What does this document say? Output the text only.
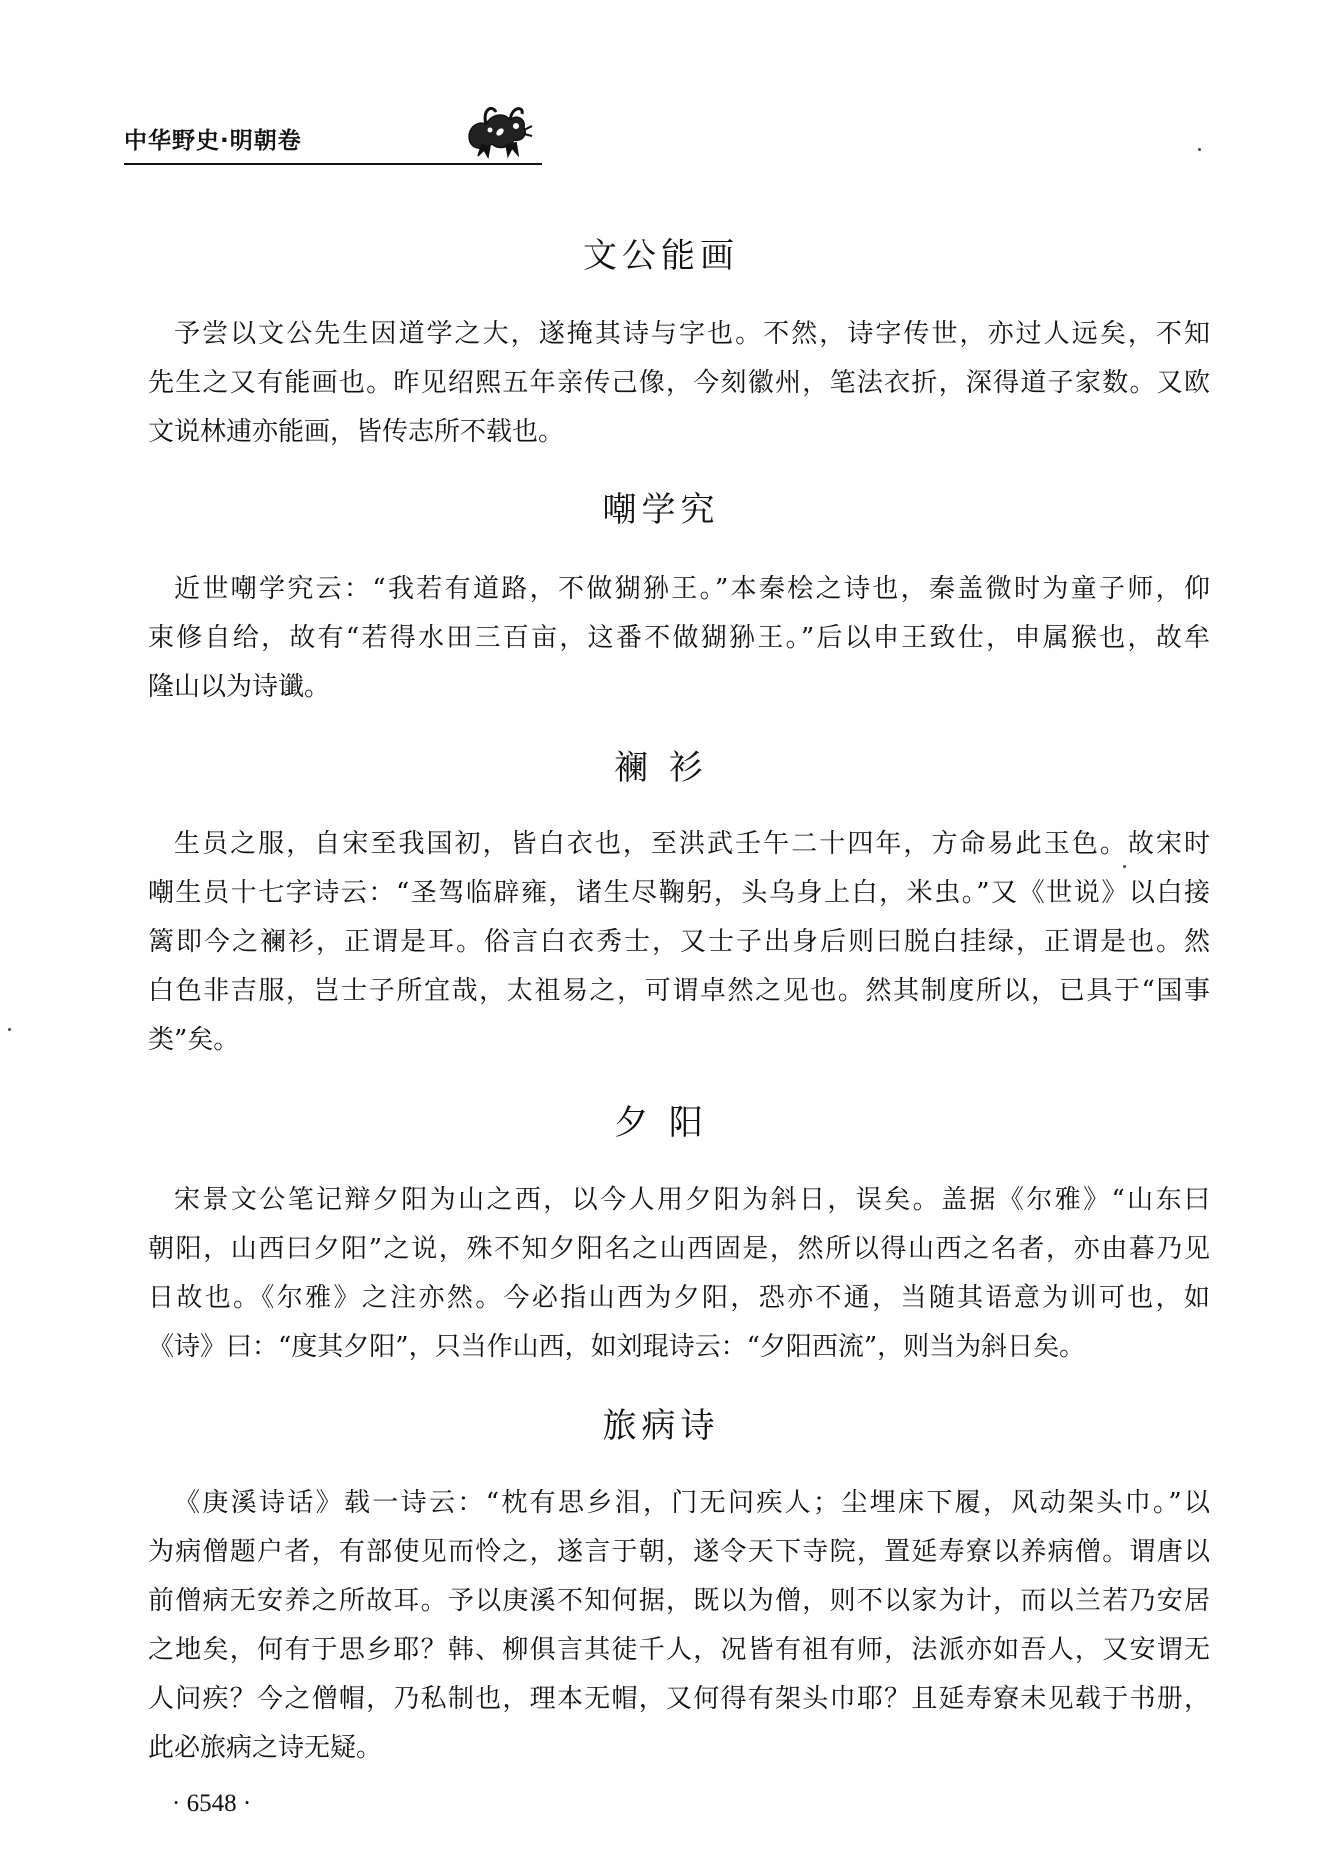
中华野史·明朝卷
文公能画
予尝以文公先生因道学之大，遂掩其诗与字也。不然，诗字传世，亦过人远矣，不知
先生之又有能画也。昨见绍熙五年亲传己像，今刻徽州，笔法衣折，深得道子家数。又欧
文说林逋亦能画，皆传志所不载也。
嘲学究
近世嘲学究云：“我若有道路，不做猢狲王。”本秦桧之诗也，秦盖微时为童子师，仰
束修自给，故有“若得水田三百亩，这番不做猢狲王。”后以申王致仕，申属猴也，故牟
隆山以为诗谶。
襕 衫
生员之服，自宋至我国初，皆白衣也，至洪武壬午二十四年，方命易此玉色。故宋时
嘲生员十七字诗云：“圣驾临辟雍，诸生尽鞠躬，头乌身上白，米虫。”又《世说》以白接
篱即今之襕衫，正谓是耳。俗言白衣秀士，又士子出身后则曰脱白挂绿，正谓是也。然
白色非吉服，岂士子所宜哉，太祖易之，可谓卓然之见也。然其制度所以，已具于“国事
类”矣。
夕 阳
宋景文公笔记辩夕阳为山之西，以今人用夕阳为斜日，误矣。盖据《尔雅》“山东曰
朝阳，山西曰夕阳”之说，殊不知夕阳名之山西固是，然所以得山西之名者，亦由暮乃见
日故也。《尔雅》之注亦然。今必指山西为夕阳，恐亦不通，当随其语意为训可也，如
《诗》曰：“度其夕阳”，只当作山西，如刘琨诗云：“夕阳西流”，则当为斜日矣。
旅病诗
《庚溪诗话》载一诗云：“枕有思乡泪，门无问疾人；尘埋床下履，风动架头巾。”以
为病僧题户者，有部使见而怜之，遂言于朝，遂令天下寺院，置延寿寮以养病僧。谓唐以
前僧病无安养之所故耳。予以庚溪不知何据，既以为僧，则不以家为计，而以兰若乃安居
之地矣，何有于思乡耶？韩、柳俱言其徒千人，况皆有祖有师，法派亦如吾人，又安谓无
人问疾？今之僧帽，乃私制也，理本无帽，又何得有架头巾耶？且延寿寮未见载于书册，
此必旅病之诗无疑。
· 6548 ·
